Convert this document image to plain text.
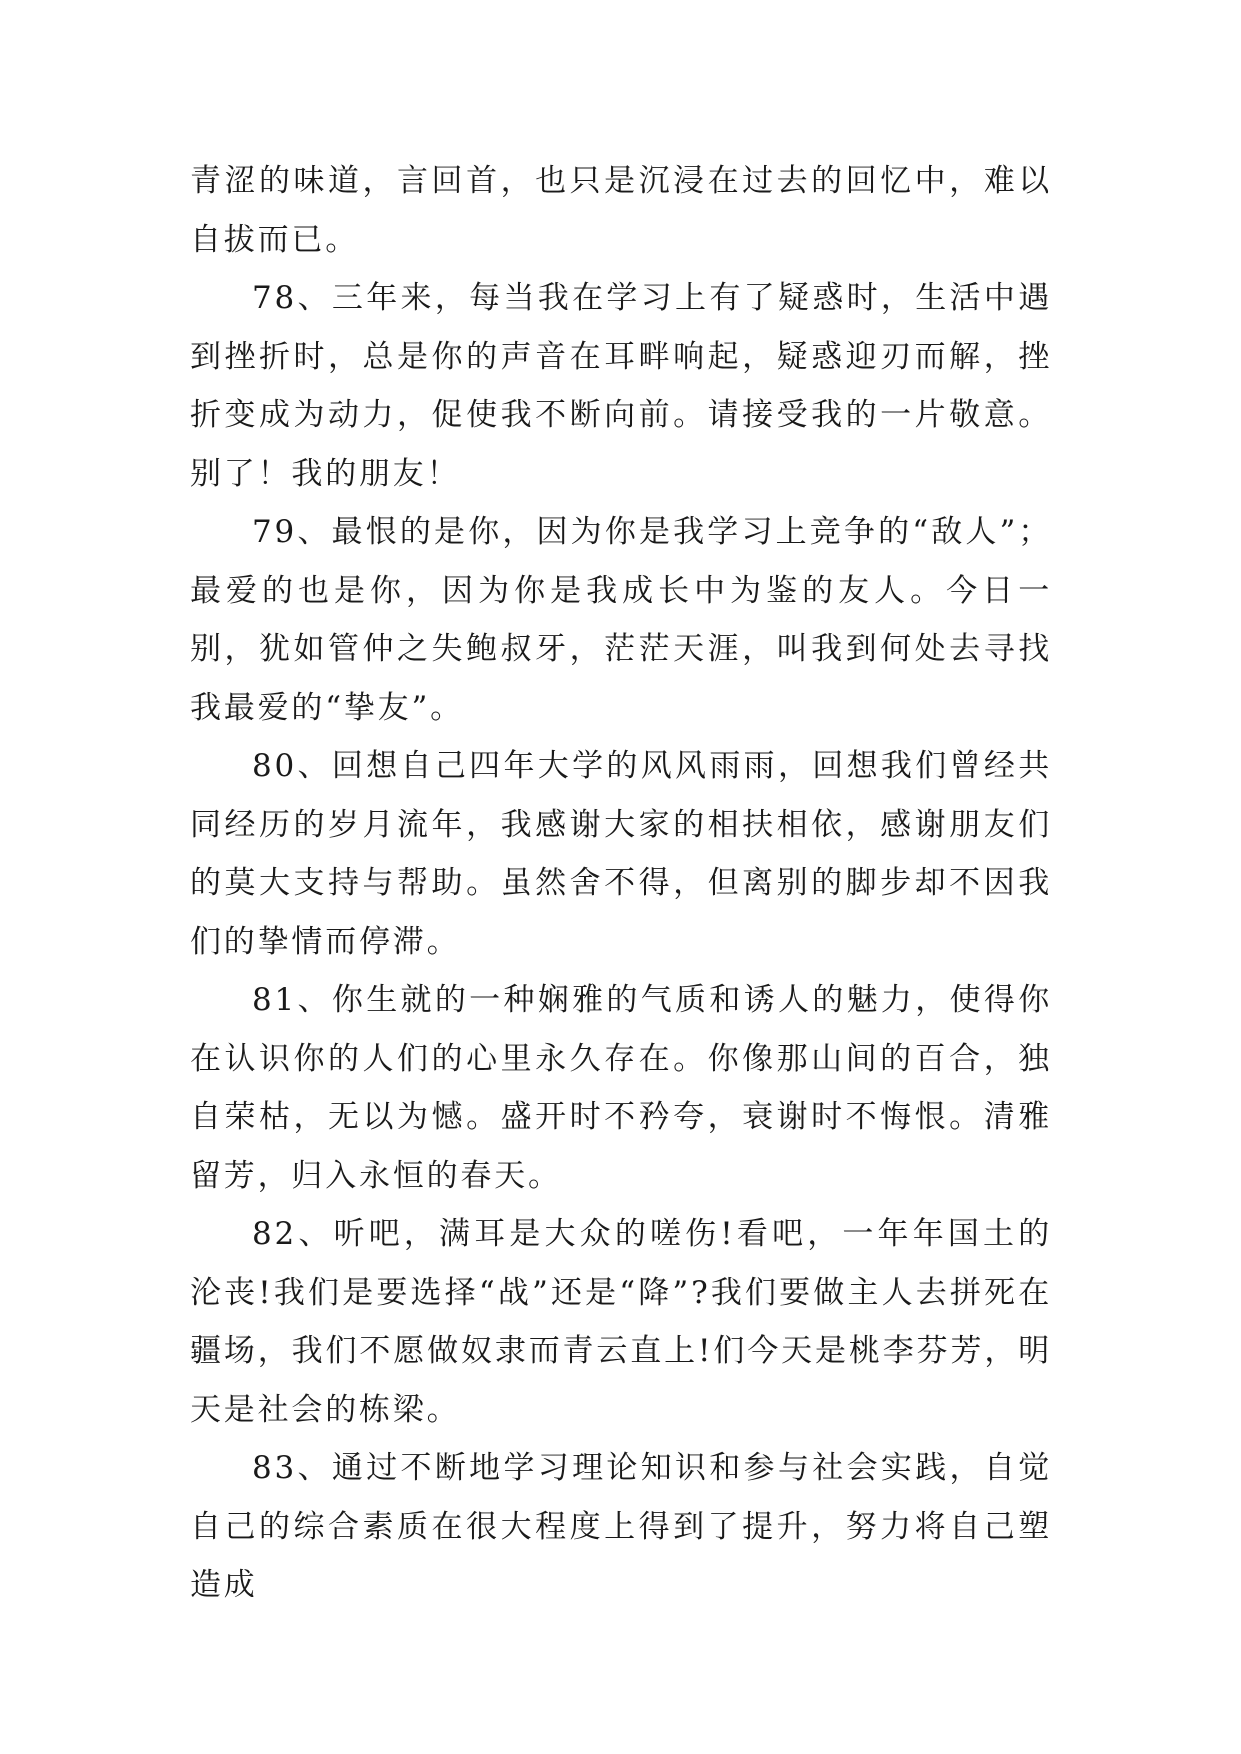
青涩的味道，言回首，也只是沉浸在过去的回忆中，难以自拔而已。

78、三年来，每当我在学习上有了疑惑时，生活中遇到挫折时，总是你的声音在耳畔响起，疑惑迎刃而解，挫折变成为动力，促使我不断向前。请接受我的一片敬意。别了！我的朋友！

79、最恨的是你，因为你是我学习上竞争的“敌人”；最爱的也是你，因为你是我成长中为鉴的友人。今日一别，犹如管仲之失鲍叔牙，茫茫天涯，叫我到何处去寻找我最爱的“挚友”。

80、回想自己四年大学的风风雨雨，回想我们曾经共同经历的岁月流年，我感谢大家的相扶相依，感谢朋友们的莫大支持与帮助。虽然舍不得，但离别的脚步却不因我们的挚情而停滞。

81、你生就的一种娴雅的气质和诱人的魅力，使得你在认识你的人们的心里永久存在。你像那山间的百合，独自荣枯，无以为憾。盛开时不矜夸，衰谢时不悔恨。清雅留芳，归入永恒的春天。

82、听吧，满耳是大众的嗟伤!看吧，一年年国土的沦丧!我们是要选择“战”还是“降”?我们要做主人去拼死在疆场，我们不愿做奴隶而青云直上!们今天是桃李芬芳，明天是社会的栋梁。

83、通过不断地学习理论知识和参与社会实践，自觉自己的综合素质在很大程度上得到了提升，努力将自己塑造成
